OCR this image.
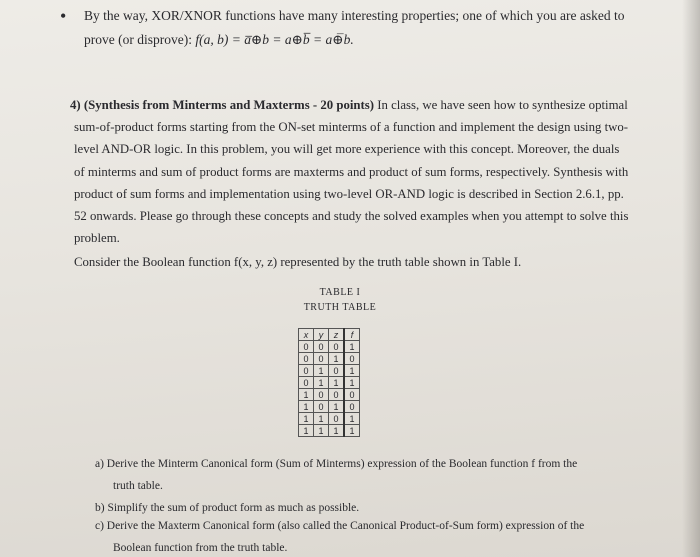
• By the way, XOR/XNOR functions have many interesting properties; one of which you are asked to
prove (or disprove): f(a, b) = a̅⊕b = a⊕b̅ = a⊕̅b.
4) (Synthesis from Minterms and Maxterms - 20 points) In class, we have seen how to synthesize optimal
sum-of-product forms starting from the ON-set minterms of a function and implement the design using two-
level AND-OR logic. In this problem, you will get more experience with this concept. Moreover, the duals
of minterms and sum of product forms are maxterms and product of sum forms, respectively. Synthesis with
product of sum forms and implementation using two-level OR-AND logic is described in Section 2.6.1, pp.
52 onwards. Please go through these concepts and study the solved examples when you attempt to solve this
problem.
Consider the Boolean function f(x, y, z) represented by the truth table shown in Table I.
TABLE I
TRUTH TABLE
x	y	z	f
0	0	0	1
0	0	1	0
0	1	0	1
0	1	1	1
1	0	0	0
1	0	1	0
1	1	0	1
1	1	1	1
a) Derive the Minterm Canonical form (Sum of Minterms) expression of the Boolean function f from the
truth table.
b) Simplify the sum of product form as much as possible.
c) Derive the Maxterm Canonical form (also called the Canonical Product-of-Sum form) expression of the
Boolean function from the truth table.
